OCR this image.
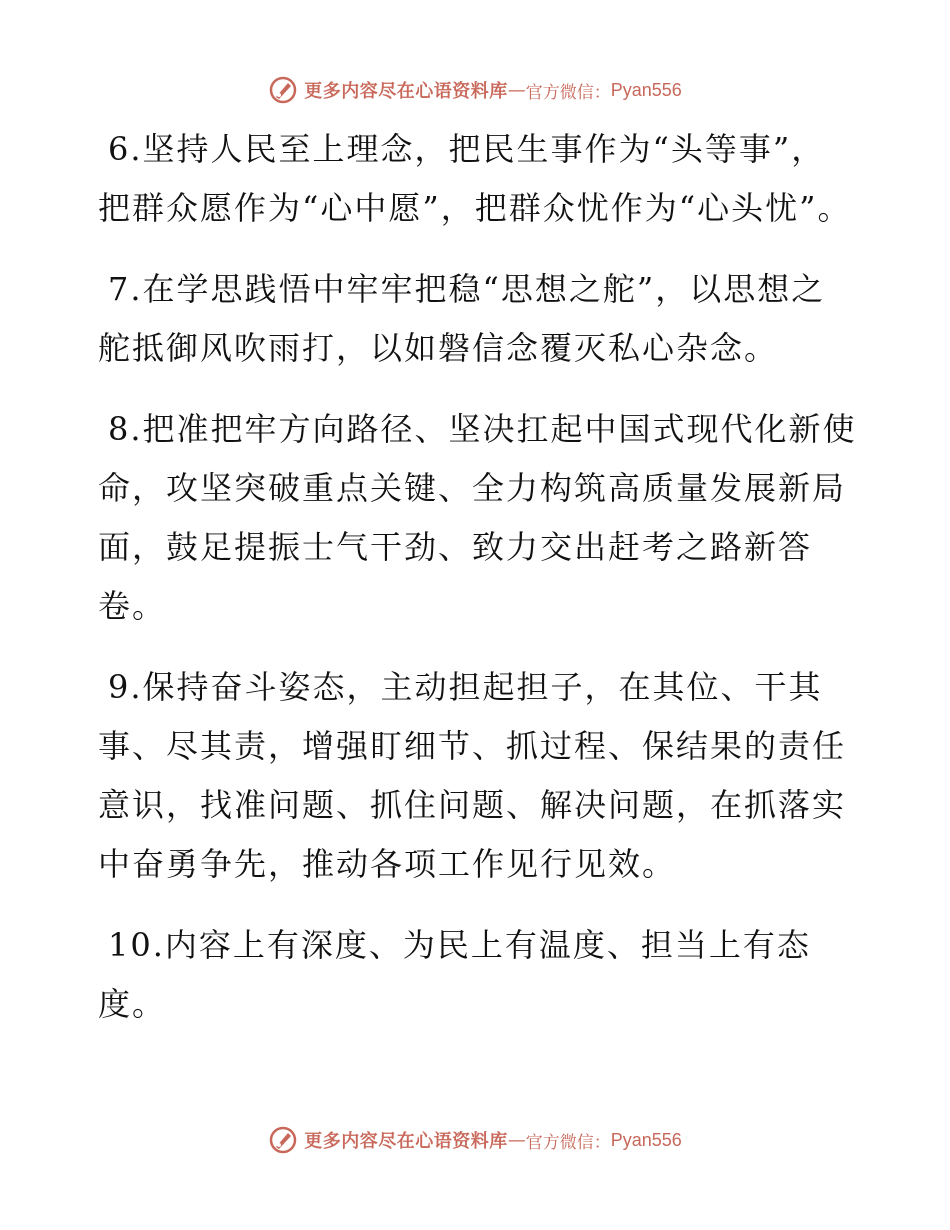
更多内容尽在心语资料库 — 官方微信： Pyan556

6.坚持人民至上理念，把民生事作为“头等事”，把群众愿作为“心中愿”，把群众忧作为“心头忧”。

7.在学思践悟中牢牢把稳“思想之舵”，以思想之舵抵御风吹雨打，以如磐信念覆灭私心杂念。

8.把准把牢方向路径、坚决扛起中国式现代化新使命，攻坚突破重点关键、全力构筑高质量发展新局面，鼓足提振士气干劲、致力交出赶考之路新答卷。

9.保持奋斗姿态，主动担起担子，在其位、干其事、尽其责，增强盯细节、抓过程、保结果的责任意识，找准问题、抓住问题、解决问题，在抓落实中奋勇争先，推动各项工作见行见效。

10.内容上有深度、为民上有温度、担当上有态度。

更多内容尽在心语资料库 — 官方微信： Pyan556
